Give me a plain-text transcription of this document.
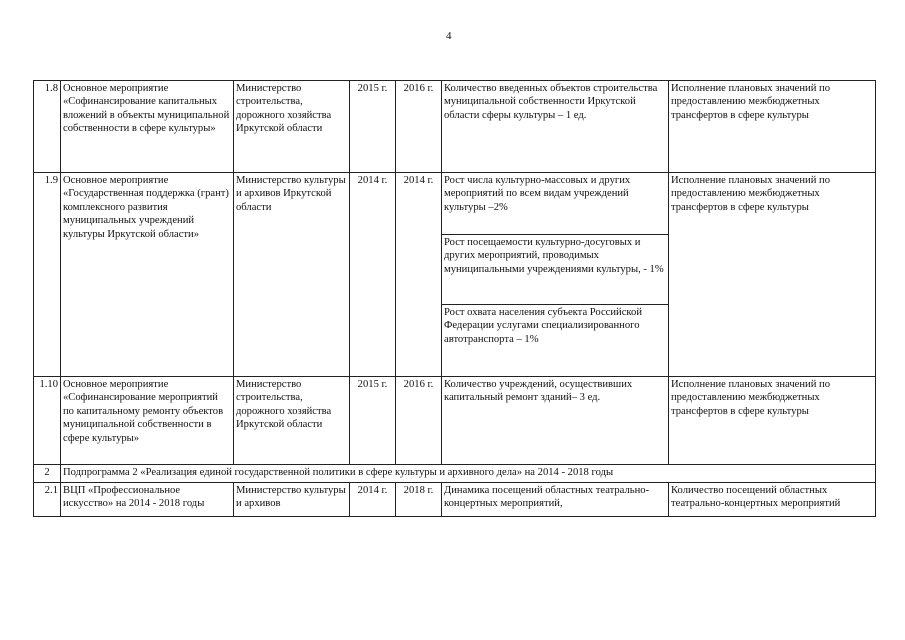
4
1.8	Основное мероприятие «Софинансирование капитальных вложений в объекты муниципальной собственности в сфере культуры»	Министерство строительства, дорожного хозяйства Иркутской области	2015 г.	2016 г.	Количество введенных объектов строительства муниципальной собственности Иркутской области сферы культуры – 1 ед.	Исполнение плановых значений по предоставлению межбюджетных трансфертов в сфере культуры
1.9	Основное мероприятие «Государственная поддержка (грант) комплексного развития муниципальных учреждений культуры Иркутской области»	Министерство культуры и архивов Иркутской области	2014 г.	2014 г.	Рост числа культурно-массовых и других мероприятий по всем видам учреждений культуры –2%
Рост посещаемости культурно-досуговых и других мероприятий, проводимых муниципальными учреждениями культуры, - 1%
Рост охвата населения субъекта Российской Федерации услугами специализированного автотранспорта – 1%	Исполнение плановых значений по предоставлению межбюджетных трансфертов в сфере культуры
1.10	Основное мероприятие «Софинансирование мероприятий по капитальному ремонту объектов муниципальной собственности в сфере культуры»	Министерство строительства, дорожного хозяйства Иркутской области	2015 г.	2016 г.	Количество учреждений, осуществивших капитальный ремонт зданий– 3 ед.	Исполнение плановых значений по предоставлению межбюджетных трансфертов в сфере культуры
2	Подпрограмма 2 «Реализация единой государственной политики в сфере культуры и архивного дела» на 2014 - 2018 годы					
2.1	ВЦП «Профессиональное искусство» на 2014 - 2018 годы	Министерство культуры и архивов	2014 г.	2018 г.	Динамика посещений областных театрально-концертных мероприятий,	Количество посещений областных театрально-концертных мероприятий
